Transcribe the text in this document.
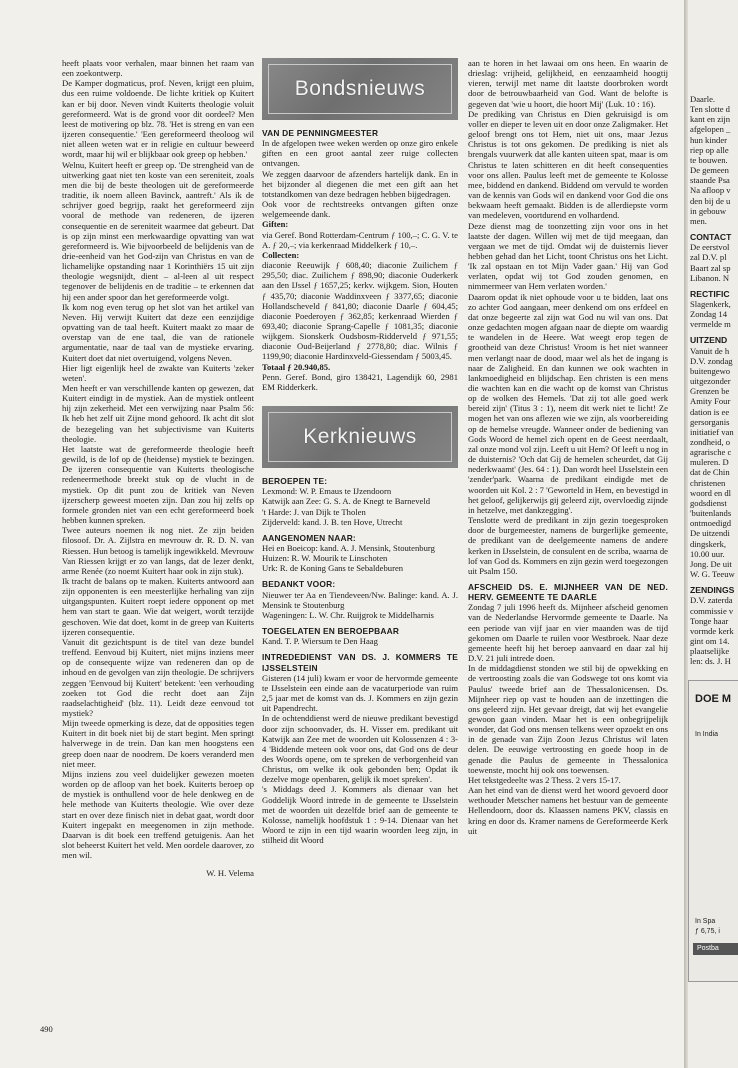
heeft plaats voor verhalen, maar binnen het raam van een zoekontwerp.

De Kamper dogmaticus, prof. Neven, krijgt een pluim, dus een ruime voldoende. De lichte kritiek op Kuitert kan er bij door. Neven vindt Kuiterts theologie voluit gereformeerd. Wat is de grond voor dit oordeel? Men leest de motivering op blz. 78. 'Het is streng en van een ijzeren consequentie.' 'Een gereformeerd theoloog wil niet alleen weten wat er in religie en cultuur beweerd wordt, maar hij wil er blijkbaar ook greep op hebben.'

Welnu, Kuitert heeft er greep op. 'De strengheid van de uitwerking gaat niet ten koste van een sereniteit, zoals men die bij de beste theologen uit de gereformeerde traditie, ik noem alleen Bavinck, aantreft.' Als ik de schrijver goed begrijp, raakt het gereformeerd zijn vooral de methode van redeneren, de ijzeren consequentie en de sereniteit waarmee dat gebeurt. Dat is op zijn minst een merkwaardige opvatting van wat gereformeerd is. Wie bijvoorbeeld de belijdenis van de drie-eenheid van het God-zijn van Christus en van de lichamelijke opstanding naar 1 Korinthiërs 15 uit zijn theologie wegsnijdt, dient – al-leen al uit respect tegenover de belijdenis en de traditie – te erkennen dat hij een ander spoor dan het gereformeerde volgt.

Ik kom nog even terug op het slot van het artikel van Neven. Hij verwijt Kuitert dat deze een eenzijdige opvatting van de taal heeft. Kuitert maakt zo maar de overstap van de ene taal, die van de rationele argumentatie, naar de taal van de mystieke ervaring. Kuitert doet dat niet overtuigend, volgens Neven.

Hier ligt eigenlijk heel de zwakte van Kuiterts 'zeker weten'.

Men heeft er van verschillende kanten op gewezen, dat Kuitert eindigt in de mystiek. Aan de mystiek ontleent hij zijn zekerheid. Met een verwijzing naar Psalm 56: Ik heb het zelf uit Zijne mond gehoord. Ik acht dit slot de bezegeling van het subjectivisme van Kuiterts theologie.

Het laatste wat de gereformeerde theologie heeft gewild, is de lof op de (heidense) mystiek te bezingen. De ijzeren consequentie van Kuiterts theologische redeneermethode breekt stuk op de vlucht in de mystiek. Op dit punt zou de kritiek van Neven ijzerscherp geweest moeten zijn. Dan zou hij zelfs op formele gronden niet van een echt gereformeerd boek hebben kunnen spreken.

Twee auteurs noemen ik nog niet. Ze zijn beiden filosoof. Dr. A. Zijlstra en mevrouw dr. R. D. N. van Riessen. Hun betoog is tamelijk ingewikkeld. Mevrouw Van Riessen krijgt er zo van langs, dat de lezer denkt, arme Renée (zo noemt Kuitert haar ook in zijn stuk).

Ik tracht de balans op te maken. Kuiterts antwoord aan zijn opponenten is een meesterlijke herhaling van zijn uitgangspunten. Kuitert roept iedere opponent op met hem van start te gaan. Wie dat weigert, wordt terzijde geschoven. Wie dat doet, komt in de greep van Kuiterts ijzeren consequentie.

Vanuit dit gezichtspunt is de titel van deze bundel treffend. Eenvoud bij Kuitert, niet mijns inziens meer op de consequente wijze van redeneren dan op de inhoud en de gevolgen van zijn theologie. De schrijvers zeggen 'Eenvoud bij Kuitert' betekent: 'een verhouding zoeken tot God die recht doet aan Zijn raadselachtigheid' (blz. 11). Leidt deze eenvoud tot mystiek?

Mijn tweede opmerking is deze, dat de opposities tegen Kuitert in dit boek niet bij de start begint. Men springt halverwege in de trein. Dan kan men hoogstens een greep doen naar de noodrem. De koers veranderd men niet meer.

Mijns inziens zou veel duidelijker gewezen moeten worden op de afloop van het boek. Kuiterts beroep op de mystiek is onthullend voor de hele denkweg en de hele methode van Kuiterts theologie. Wie over deze start en over deze finisch niet in debat gaat, wordt door Kuitert ingepakt en meegenomen in zijn methode. Daarvan is dit boek een treffend getuigenis. Aan het slot beheerst Kuitert het veld. Men oordele daarover, zo men wil.

W. H. Velema

Bondsnieuws

VAN DE PENNINGMEESTER

In de afgelopen twee weken werden op onze giro enkele giften en een groot aantal zeer ruige collecten ontvangen.

We zeggen daarvoor de afzenders hartelijk dank. En in het bijzonder al diegenen die met een gift aan het totstandkomen van deze bedragen hebben bijgedragen.

Ook voor de rechtstreeks ontvangen giften onze welgemeende dank.

Giften:

via Geref. Bond Rotterdam-Centrum ƒ 100,–; C. G. V. te A. ƒ 20,–; via kerkenraad Middelkerk ƒ 10,–.

Collecten:

diaconie Reeuwijk ƒ 608,40; diaconie Zuilichem ƒ 295,50; diac. Zuilichem ƒ 898,90; diaconie Ouderkerk aan den IJssel ƒ 1657,25; kerkv. wijkgem. Sion, Houten ƒ 435,70; diaconie Waddinxveen ƒ 3377,65; diaconie Hollandscheveld ƒ 841,80; diaconie Daarle ƒ 604,45; diaconie Poederoyen ƒ 362,85; kerkenraad Wierden ƒ 693,40; diaconie Sprang-Capelle ƒ 1081,35; diaconie wijkgem. Sionskerk Oudsbosm-Ridderveld ƒ 971,55; diaconie Oud-Beijerland ƒ 2778,80; diac. Wilnis ƒ 1199,90; diaconie Hardinxveld-Giessendam ƒ 5003,45.

Totaal ƒ 20.940,85.

Penn. Geref. Bond, giro 138421, Lagendijk 60, 2981 EM Ridderkerk.

Kerknieuws

BEROEPEN TE:

Lexmond: W. P. Emaus te IJzendoorn

Katwijk aan Zee: G. S. A. de Knegt te Barneveld

't Harde: J. van Dijk te Tholen

Zijderveld: kand. J. B. ten Hove, Utrecht

AANGENOMEN NAAR:

Hei en Boeicop: kand. A. J. Mensink, Stoutenburg

Huizen: R. W. Mourik te Linschoten

Urk: R. de Koning Gans te Sebaldeburen

BEDANKT VOOR:

Nieuwer ter Aa en Tiendeveen/Nw. Balinge: kand. A. J. Mensink te Stoutenburg

Wageningen: L. W. Chr. Ruijgrok te Middelharnis

TOEGELATEN EN BEROEPBAAR

Kand. T. P. Wiersum te Den Haag

INTREDEDIENST VAN DS. J. KOMMERS TE IJSSELSTEIN

Gisteren (14 juli) kwam er voor de hervormde gemeente te IJsselstein een einde aan de vacaturperiode van ruim 2,5 jaar met de komst van ds. J. Kommers en zijn gezin uit Papendrecht.

In de ochtenddienst werd de nieuwe predikant bevestigd door zijn schoonvader, ds. H. Visser em. predikant uit Katwijk aan Zee met de woorden uit Kolossenzen 4 : 3-4 'Biddende meteen ook voor ons, dat God ons de deur des Woords opene, om te spreken de verborgenheid van Christus, om welke ik ook gebonden ben; Opdat ik dezelve moge openbaren, gelijk ik moet spreken'.

's Middags deed J. Kommers als dienaar van het Goddelijk Woord intrede in de gemeente te IJsselstein met de woorden uit dezelfde brief aan de gemeente te Kolosse, namelijk hoofdstuk 1 : 9-14. Dienaar van het Woord te zijn in een tijd waarin woorden leeg zijn, in stilheid dit Woord

aan te horen in het lawaai om ons heen. En waarin de drieslag: vrijheid, gelijkheid, en eenzaamheid hoogtij vieren, terwijl met name dit laatste doorbroken wordt door de betrouwbaarheid van God. Want de belofte is gegeven dat 'wie u hoort, die hoort Mij' (Luk. 10 : 16).

De prediking van Christus en Dien gekruisigd is om voller en dieper te leven uit en door onze Zaligmaker. Het geloof brengt ons tot Hem, niet uit ons, maar Jezus Christus is tot ons gekomen. De prediking is niet als brengals vuurwerk dat alle kanten uiteen spat, maar is om Christus te laten schitteren en dit heeft consequenties voor ons allen. Paulus leeft met de gemeente te Kolosse mee, biddend en dankend. Biddend om vervuld te worden van de kennis van Gods wil en dankend voor God die ons bekwaam heeft gemaakt. Bidden is de allerdiepste vorm van medeleven, voortdurend en volhardend.

Deze dienst mag de toonzetting zijn voor ons in het laatste der dagen. Willen wij met de tijd meegaan, dan vergaan we met de tijd. Omdat wij de duisternis liever hebben gehad dan het Licht, toont Christus ons het Licht. 'Ik zal opstaan en tot Mijn Vader gaan.' Hij van God verlaten, opdat wij tot God zouden genomen, en nimmermeer van Hem verlaten worden.'

Daarom opdat ik niet ophoude voor u te bidden, laat ons zo achter God aangaan, meer denkend om ons erfdeel en dat onze begeerte zal zijn wat God nu wil van ons. Dat onze gedachten mogen afgaan naar de diepte om waardig te wandelen in de Heere. Wat weegt erop tegen de grootheid van deze Christus! Vroom is het niet wanneer men verlangt naar de dood, maar wel als het de ingang is naar de Zaligheid. En dan kunnen we ook wachten in lankmoedigheid en blijdschap. Een christen is een mens die wachten kan en die wacht op de komst van Christus op de wolken des Hemels. 'Dat zij tot alle goed werk bereid zijn' (Titus 3 : 1), neem dit werk niet te licht! Ze mogen het van ons aflezen wie we zijn, als voorbereiding op de hemelse vreugde. Wanneer onder de bediening van Gods Woord de hemel zich opent en de Geest neerdaalt, zal onze mond vol zijn. Leeft u uit Hem? Of leeft u nog in de duisternis? 'Och dat Gij de hemelen scheurdet, dat Gij nederkwaamt' (Jes. 64 : 1). Dan wordt heel IJsselstein een 'zender'park. Waarna de predikant eindigde met de woorden uit Kol. 2 : 7 'Geworteld in Hem, en bevestigd in het geloof, gelijkerwijs gij geleerd zijt, overvloedig zijnde in hetzelve, met dankzegging'.

Tenslotte werd de predikant in zijn gezin toegesproken door de burgemeester, namens de burgerlijke gemeente, de predikant van de deelgemeente namens de andere kerken in IJsselstein, de consulent en de scriba, waarna de lof van God ds. Kommers en zijn gezin werd toegezongen uit Psalm 150.

AFSCHEID DS. E. MIJNHEER VAN DE NED. HERV. GEMEENTE TE DAARLE

Zondag 7 juli 1996 heeft ds. Mijnheer afscheid genomen van de Nederlandse Hervormde gemeente te Daarle. Na een periode van vijf jaar en vier maanden was de tijd gekomen om Daarle te ruilen voor Westbroek. Naar deze gemeente heeft hij het beroep aanvaard en daar zal hij D.V. 21 juli intrede doen.

In de middagdienst stonden we stil bij de opwekking en de vertroosting zoals die van Godswege tot ons komt via Paulus' tweede brief aan de Thessalonicensen. Ds. Mijnheer riep op vast te houden aan de inzettingen die ons geleerd zijn. Het gevaar dreigt, dat wij het evangelie gewoon gaan vinden. Maar het is een onbegrijpelijk wonder, dat God ons mensen telkens weer opzoekt en ons in de genade van Zijn Zoon Jezus Christus wil laten delen. De eeuwige vertroosting en goede hoop in de genade die Paulus de gemeente in Thessalonica toewenste, mocht hij ook ons toewensen.

Het tekstgedeelte was 2 Thess. 2 vers 15-17.

Aan het eind van de dienst werd het woord gevoerd door wethouder Metscher namens het bestuur van de gemeente Hellendoorn, door ds. Klaassen namens PKV, classis en kring en door ds. Kramer namens de Gereformeerde Kerk uit

490

Daarle.

Ten slotte d

kant en zijn

afgelopen _

hun kinder

riep op alle

te bouwen.

De gemeen

staande Psa

Na afloop v

den bij de u

in gebouw

men.

CONTACT

De eerstvol

zal D.V. pl

Baart zal sp

Libanon. N

RECTIFIC

Slagenkerk,

Zondag 14

vermelde m

UITZEND

Vanuit de h

D.V. zondag

buitengewo

uitgezonder

Grenzen be

Amity Four

dation is ee

gersorganis

initiatief van

zondheid, o

agrarische c

muleren. D

dat de Chin

christenen

woord en dl

godsdienst

'buitenlands

ontmoedigd

De uitzendi

dingskerk,

10.00 uur.

Jong. De uit

W. G. Teeuw

ZENDINGS

D.V. zaterda

commissie v

Tonge haar

vormde kerk

gint om 14.

plaatselijke

len: ds. J. H

DOE M
In India
In Spa
ƒ 6,75, i
Postba
